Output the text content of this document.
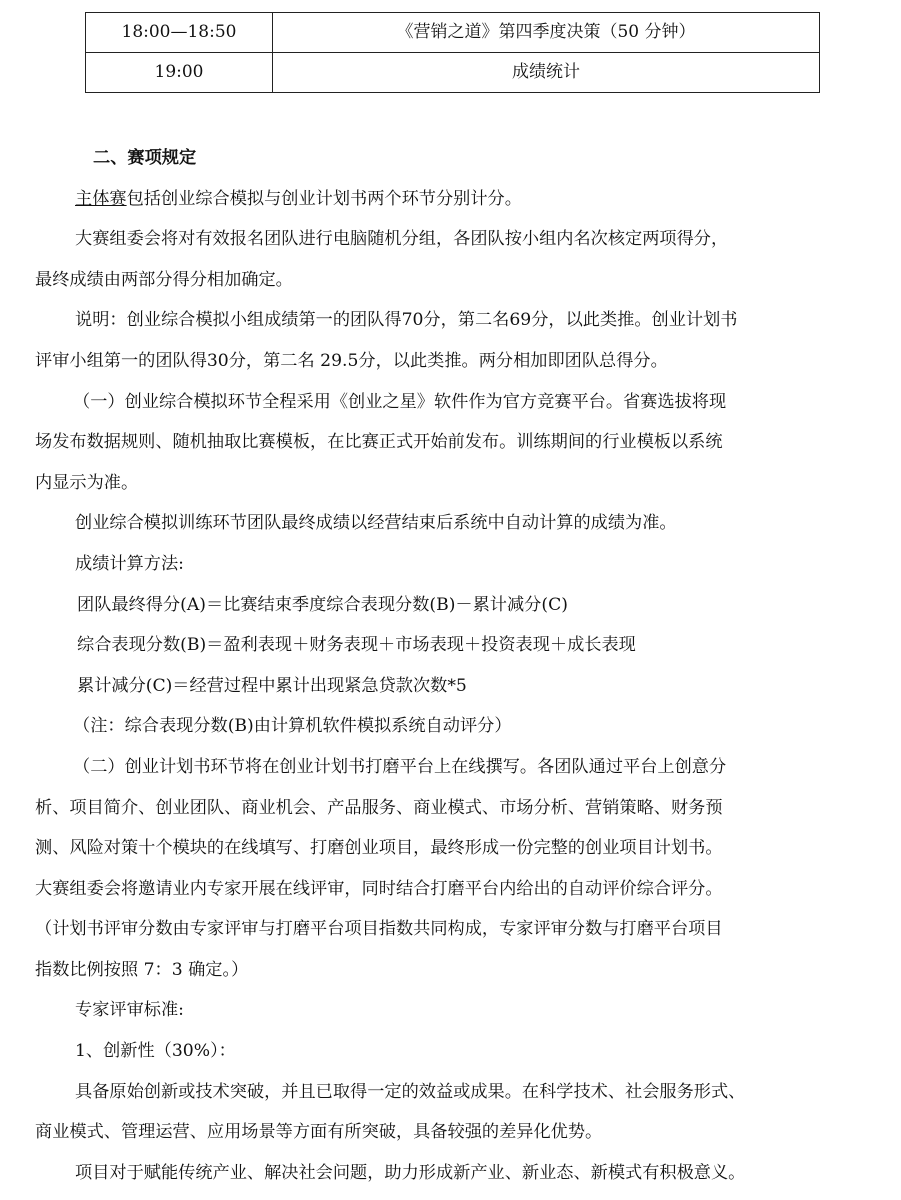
18:00—18:50	《营销之道》第四季度决策（50 分钟）
19:00	成绩统计
二、赛项规定
主体赛包括创业综合模拟与创业计划书两个环节分别计分。
大赛组委会将对有效报名团队进行电脑随机分组，各团队按小组内名次核定两项得分，
最终成绩由两部分得分相加确定。
说明：创业综合模拟小组成绩第一的团队得70分，第二名69分，以此类推。创业计划书
评审小组第一的团队得30分，第二名 29.5分，以此类推。两分相加即团队总得分。
（一）创业综合模拟环节全程采用《创业之星》软件作为官方竞赛平台。省赛选拔将现
场发布数据规则、随机抽取比赛模板，在比赛正式开始前发布。训练期间的行业模板以系统
内显示为准。
创业综合模拟训练环节团队最终成绩以经营结束后系统中自动计算的成绩为准。
成绩计算方法:
团队最终得分(A)＝比赛结束季度综合表现分数(B)－累计减分(C)
综合表现分数(B)＝盈利表现＋财务表现＋市场表现＋投资表现＋成长表现
累计减分(C)＝经营过程中累计出现紧急贷款次数*5
（注：综合表现分数(B)由计算机软件模拟系统自动评分）
（二）创业计划书环节将在创业计划书打磨平台上在线撰写。各团队通过平台上创意分
析、项目简介、创业团队、商业机会、产品服务、商业模式、市场分析、营销策略、财务预
测、风险对策十个模块的在线填写、打磨创业项目，最终形成一份完整的创业项目计划书。
大赛组委会将邀请业内专家开展在线评审，同时结合打磨平台内给出的自动评价综合评分。
（计划书评审分数由专家评审与打磨平台项目指数共同构成，专家评审分数与打磨平台项目
指数比例按照 7：3 确定。）
专家评审标准:
1、创新性（30%）：
具备原始创新或技术突破，并且已取得一定的效益或成果。在科学技术、社会服务形式、
商业模式、管理运营、应用场景等方面有所突破，具备较强的差异化优势。
项目对于赋能传统产业、解决社会问题，助力形成新产业、新业态、新模式有积极意义。
